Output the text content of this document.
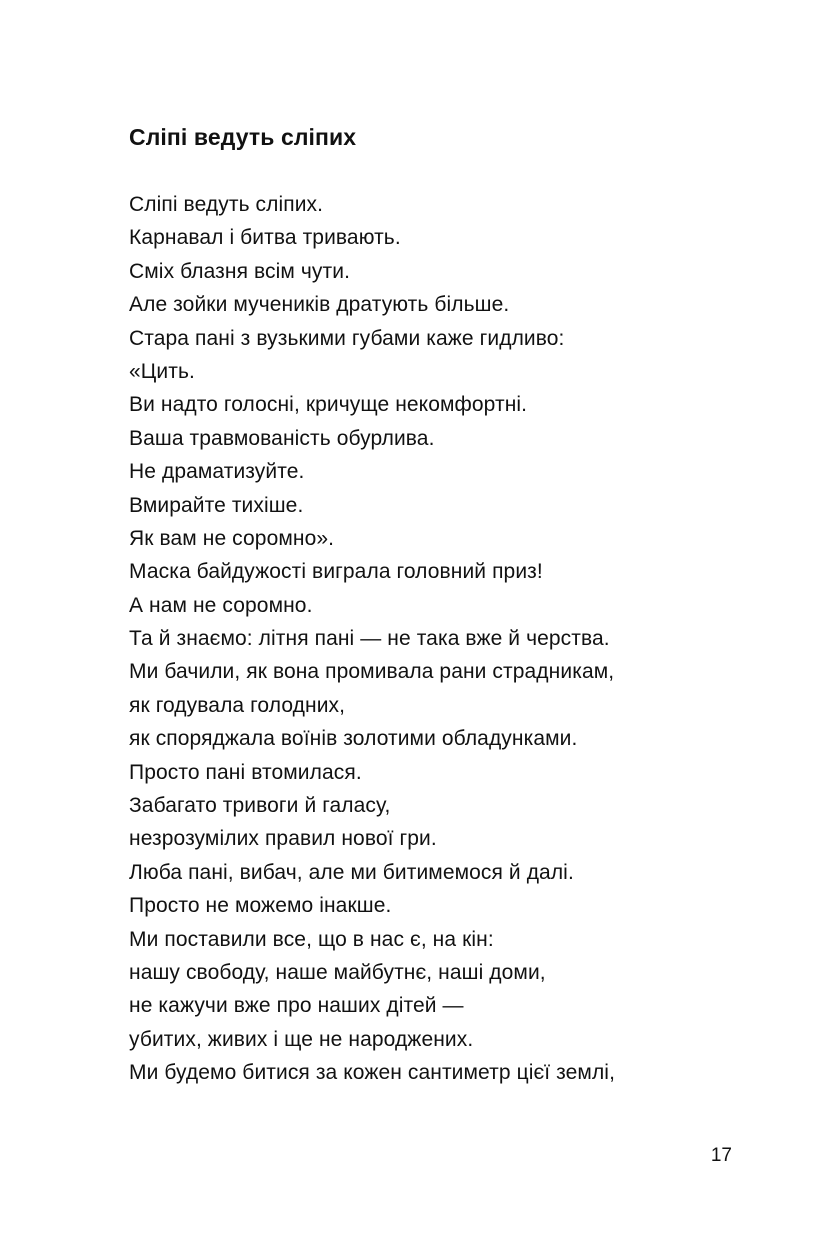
Сліпі ведуть сліпих
Сліпі ведуть сліпих.
Карнавал і битва тривають.
Сміх блазня всім чути.
Але зойки мучеників дратують більше.
Стара пані з вузькими губами каже гидливо:
«Цить.
Ви надто голосні, кричуще некомфортні.
Ваша травмованість обурлива.
Не драматизуйте.
Вмирайте тихіше.
Як вам не соромно».
Маска байдужості виграла головний приз!
А нам не соромно.
Та й знаємо: літня пані — не така вже й черства.
Ми бачили, як вона промивала рани страдникам,
як годувала голодних,
як споряджала воїнів золотими обладунками.
Просто пані втомилася.
Забагато тривоги й галасу,
незрозумілих правил нової гри.
Люба пані, вибач, але ми битимемося й далі.
Просто не можемо інакше.
Ми поставили все, що в нас є, на кін:
нашу свободу, наше майбутнє, наші доми,
не кажучи вже про наших дітей —
убитих, живих і ще не народжених.
Ми будемо битися за кожен сантиметр цієї землі,
17
